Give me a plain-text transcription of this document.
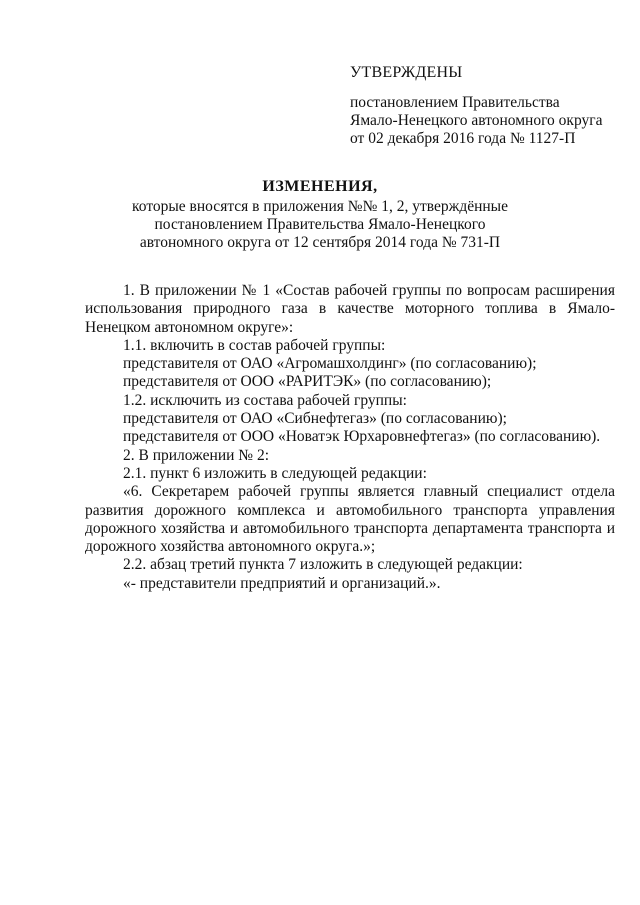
УТВЕРЖДЕНЫ
постановлением Правительства
Ямало-Ненецкого автономного округа
от 02 декабря 2016 года № 1127-П
ИЗМЕНЕНИЯ,
которые вносятся в приложения №№ 1, 2, утверждённые
постановлением Правительства Ямало-Ненецкого
автономного округа от 12 сентября 2014 года № 731-П

1. В приложении № 1 «Состав рабочей группы по вопросам расширения использования природного газа в качестве моторного топлива в Ямало-Ненецком автономном округе»:

1.1. включить в состав рабочей группы:

представителя от ОАО «Агромашхолдинг» (по согласованию);

представителя от ООО «РАРИТЭК» (по согласованию);

1.2. исключить из состава рабочей группы:

представителя от ОАО «Сибнефтегаз» (по согласованию);

представителя от ООО «Новатэк Юрхаровнефтегаз» (по согласованию).

2. В приложении № 2:

2.1. пункт 6 изложить в следующей редакции:

«6. Секретарем рабочей группы является главный специалист отдела развития дорожного комплекса и автомобильного транспорта управления дорожного хозяйства и автомобильного транспорта департамента транспорта и дорожного хозяйства автономного округа.»;

2.2. абзац третий пункта 7 изложить в следующей редакции:

«- представители предприятий и организаций.».
